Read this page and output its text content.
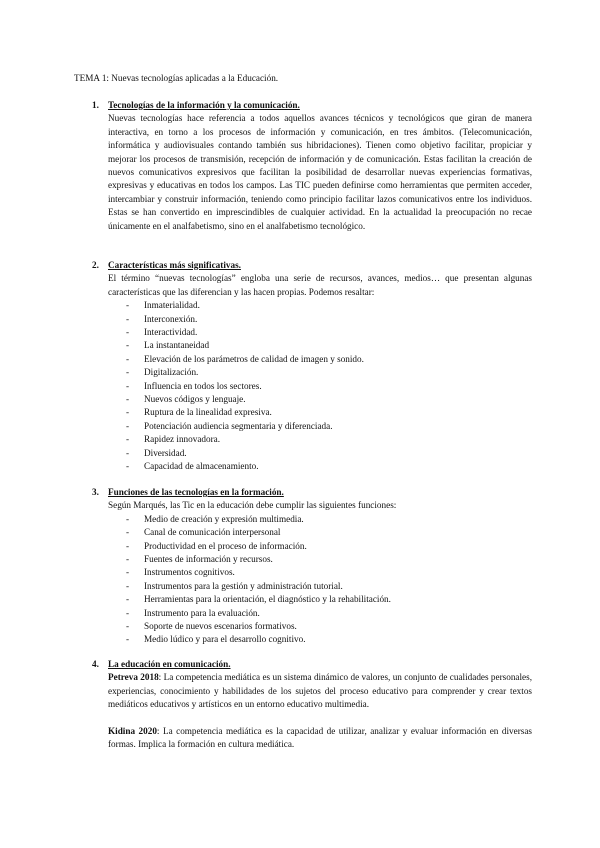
TEMA 1: Nuevas tecnologías aplicadas a la Educación.
1. Tecnologías de la información y la comunicación.

Nuevas tecnologías hace referencia a todos aquellos avances técnicos y tecnológicos que giran de manera interactiva, en torno a los procesos de información y comunicación, en tres ámbitos. (Telecomunicación, informática y audiovisuales contando también sus hibridaciones). Tienen como objetivo facilitar, propiciar y mejorar los procesos de transmisión, recepción de información y de comunicación. Estas facilitan la creación de nuevos comunicativos expresivos que facilitan la posibilidad de desarrollar nuevas experiencias formativas, expresivas y educativas en todos los campos. Las TIC pueden definirse como herramientas que permiten acceder, intercambiar y construir información, teniendo como principio facilitar lazos comunicativos entre los individuos. Estas se han convertido en imprescindibles de cualquier actividad. En la actualidad la preocupación no recae únicamente en el analfabetismo, sino en el analfabetismo tecnológico.

2. Características más significativas.

El término “nuevas tecnologías” engloba una serie de recursos, avances, medios… que presentan algunas características que las diferencian y las hacen propias. Podemos resaltar:

-	Inmaterialidad.
-	Interconexión.
-	Interactividad.
-	La instantaneidad
-	Elevación de los parámetros de calidad de imagen y sonido.
-	Digitalización.
-	Influencia en todos los sectores.
-	Nuevos códigos y lenguaje.
-	Ruptura de la linealidad expresiva.
-	Potenciación audiencia segmentaria y diferenciada.
-	Rapidez innovadora.
-	Diversidad.
-	Capacidad de almacenamiento.
3. Funciones de las tecnologías en la formación.

Según Marqués, las Tic en la educación debe cumplir las siguientes funciones:

-	Medio de creación y expresión multimedia.
-	Canal de comunicación interpersonal
-	Productividad en el proceso de información.
-	Fuentes de información y recursos.
-	Instrumentos cognitivos.
-	Instrumentos para la gestión y administración tutorial.
-	Herramientas para la orientación, el diagnóstico y la rehabilitación.
-	Instrumento para la evaluación.
-	Soporte de nuevos escenarios formativos.
-	Medio lúdico y para el desarrollo cognitivo.
4. La educación en comunicación.

Petreva 2018: La competencia mediática es un sistema dinámico de valores, un conjunto de cualidades personales, experiencias, conocimiento y habilidades de los sujetos del proceso educativo para comprender y crear textos mediáticos educativos y artísticos en un entorno educativo multimedia.

Kidina 2020: La competencia mediática es la capacidad de utilizar, analizar y evaluar información en diversas formas. Implica la formación en cultura mediática.
